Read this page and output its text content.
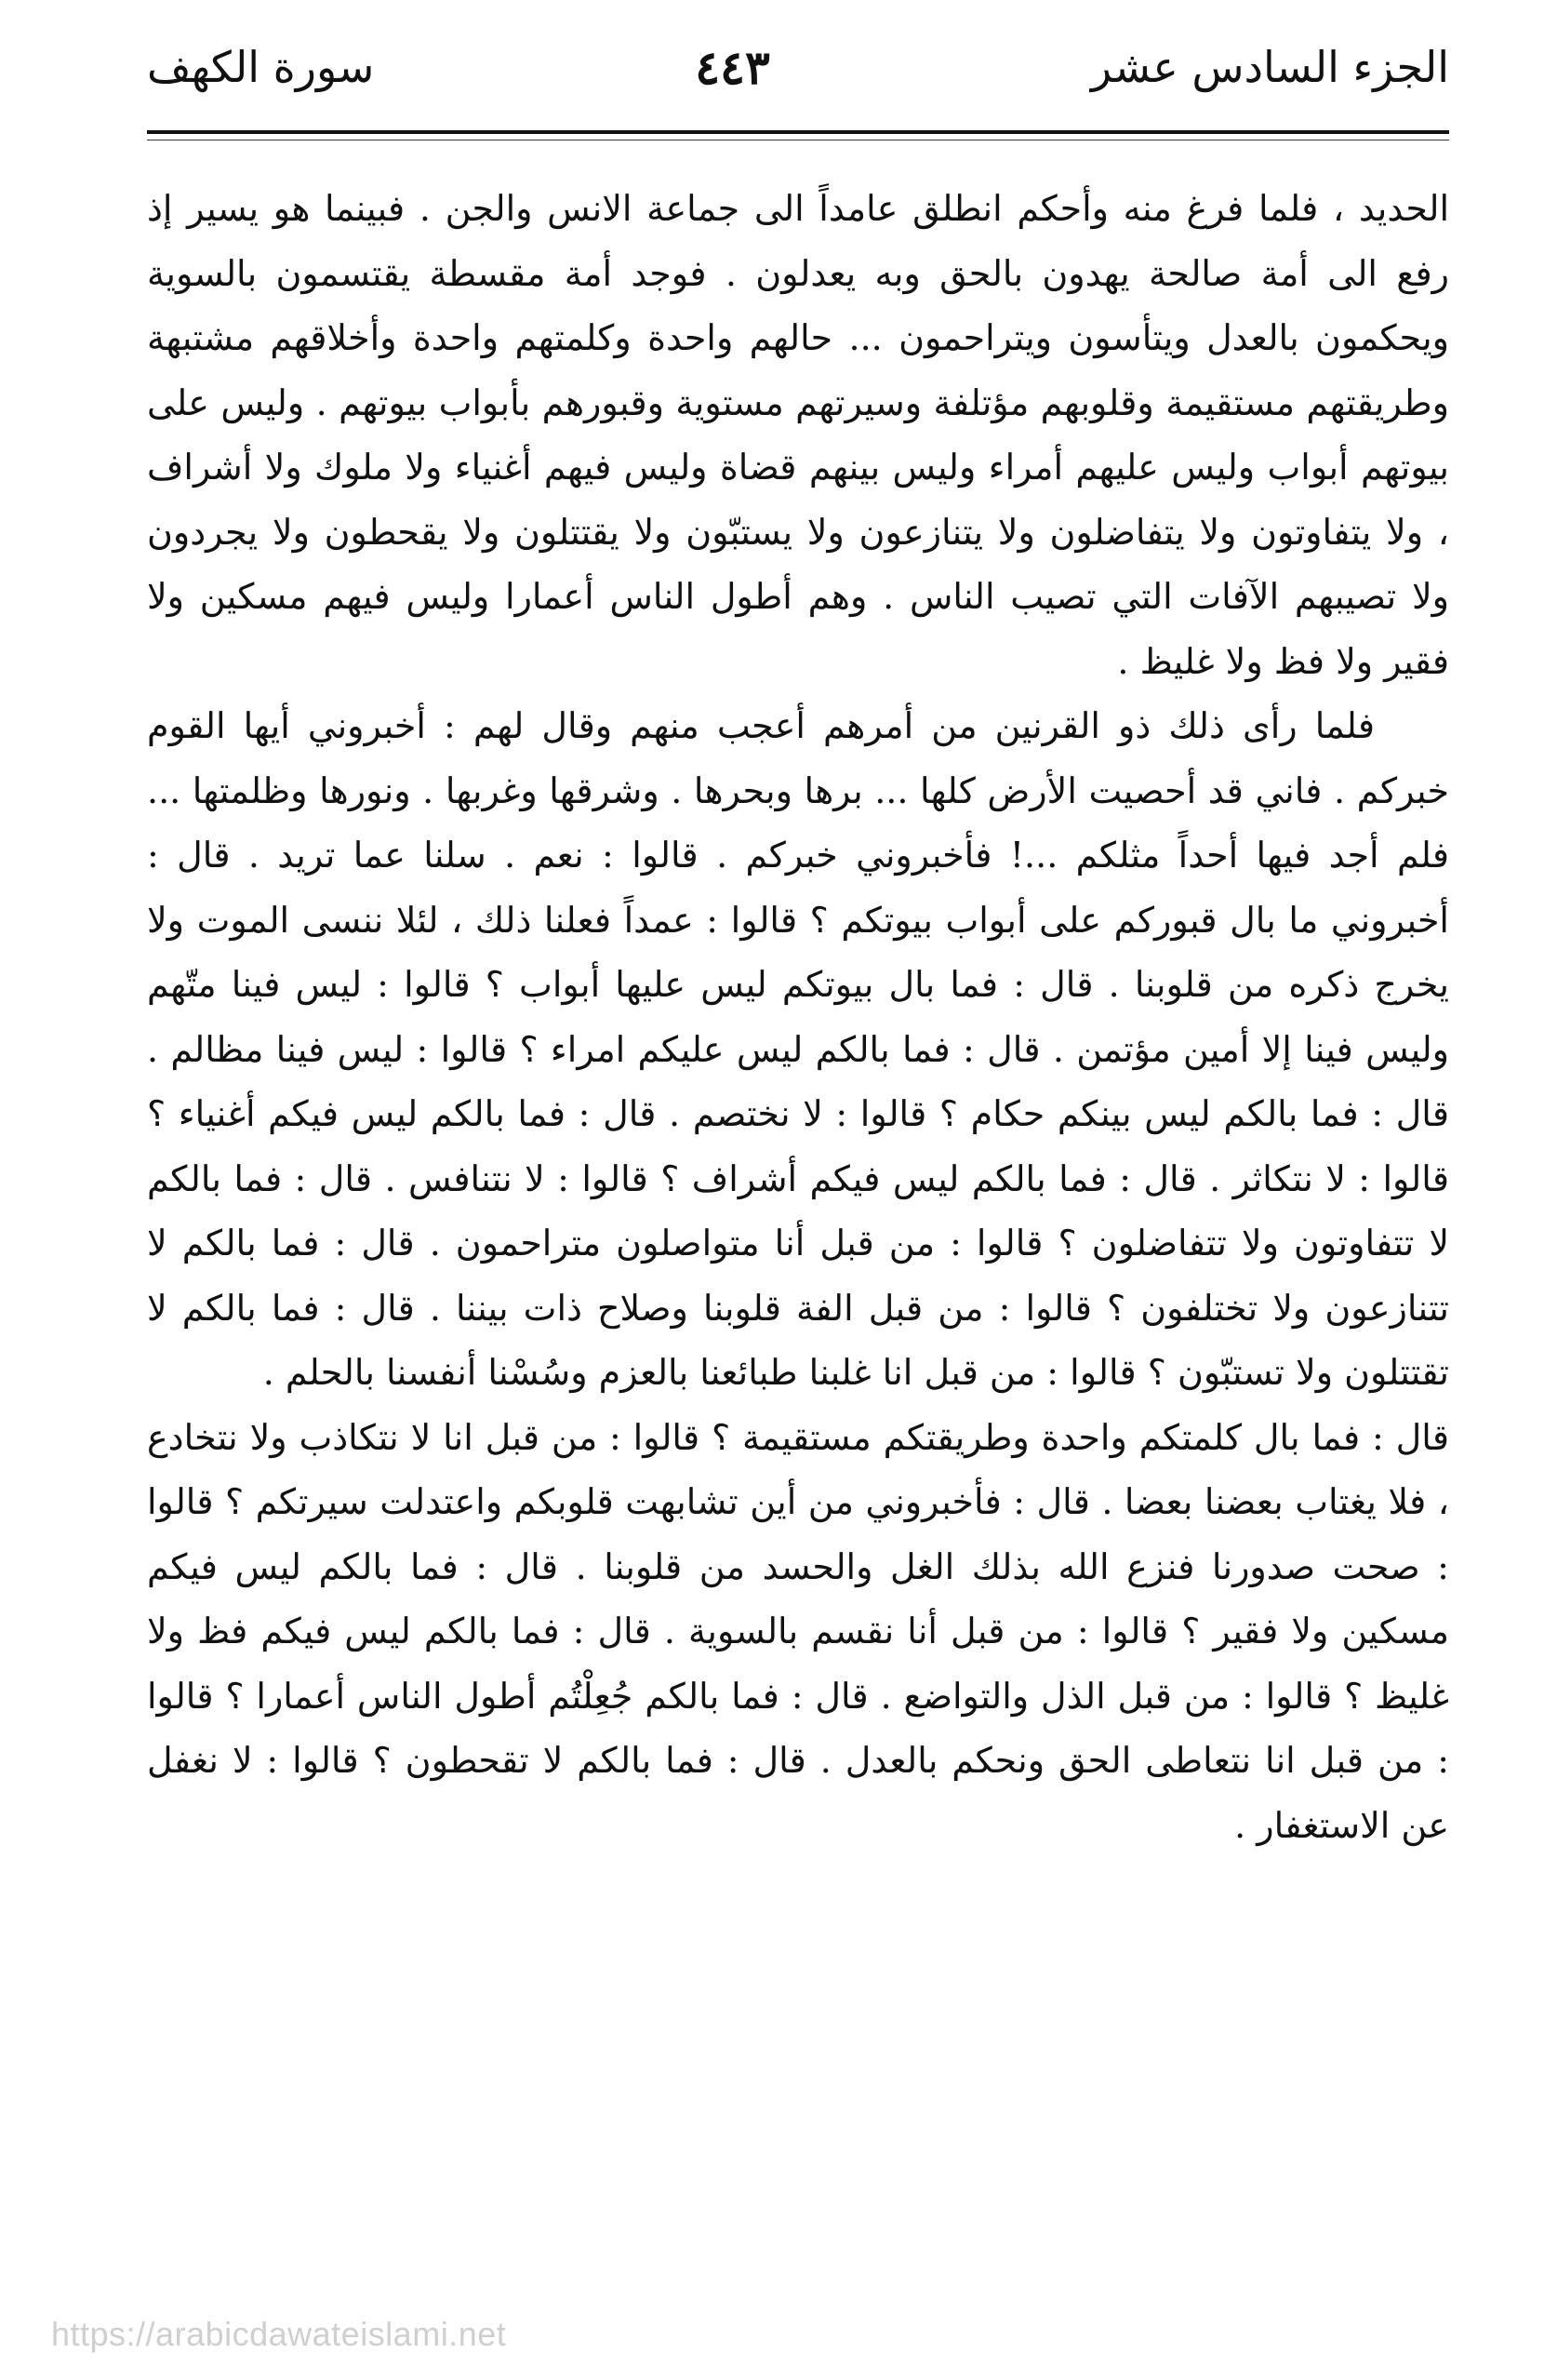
الجزء السادس عشر
٤٤٣
سورة الكهف

الحديد ، فلما فرغ منه وأحكم انطلق عامداً الى جماعة الانس والجن . فبينما هو يسير إذ رفع الى أمة صالحة يهدون بالحق وبه يعدلون . فوجد أمة مقسطة يقتسمون بالسوية ويحكمون بالعدل ويتأسون ويتراحمون ... حالهم واحدة وكلمتهم واحدة وأخلاقهم مشتبهة وطريقتهم مستقيمة وقلوبهم مؤتلفة وسيرتهم مستوية وقبورهم بأبواب بيوتهم . وليس على بيوتهم أبواب وليس عليهم أمراء وليس بينهم قضاة وليس فيهم أغنياء ولا ملوك ولا أشراف ، ولا يتفاوتون ولا يتفاضلون ولا يتنازعون ولا يستبّون ولا يقتتلون ولا يقحطون ولا يجردون ولا تصيبهم الآفات التي تصيب الناس . وهم أطول الناس أعمارا وليس فيهم مسكين ولا فقير ولا فظ ولا غليظ .

فلما رأى ذلك ذو القرنين من أمرهم أعجب منهم وقال لهم : أخبروني أيها القوم خبركم . فاني قد أحصيت الأرض كلها ... برها وبحرها . وشرقها وغربها . ونورها وظلمتها ... فلم أجد فيها أحداً مثلكم ...! فأخبروني خبركم . قالوا : نعم . سلنا عما تريد . قال : أخبروني ما بال قبوركم على أبواب بيوتكم ؟ قالوا : عمداً فعلنا ذلك ، لئلا ننسى الموت ولا يخرج ذكره من قلوبنا . قال : فما بال بيوتكم ليس عليها أبواب ؟ قالوا : ليس فينا متّهم وليس فينا إلا أمين مؤتمن . قال : فما بالكم ليس عليكم امراء ؟ قالوا : ليس فينا مظالم . قال : فما بالكم ليس بينكم حكام ؟ قالوا : لا نختصم . قال : فما بالكم ليس فيكم أغنياء ؟ قالوا : لا نتكاثر . قال : فما بالكم ليس فيكم أشراف ؟ قالوا : لا نتنافس . قال : فما بالكم لا تتفاوتون ولا تتفاضلون ؟ قالوا : من قبل أنا متواصلون متراحمون . قال : فما بالكم لا تتنازعون ولا تختلفون ؟ قالوا : من قبل الفة قلوبنا وصلاح ذات بيننا . قال : فما بالكم لا تقتتلون ولا تستبّون ؟ قالوا : من قبل انا غلبنا طبائعنا بالعزم وسُسْنا أنفسنا بالحلم .

قال : فما بال كلمتكم واحدة وطريقتكم مستقيمة ؟ قالوا : من قبل انا لا نتكاذب ولا نتخادع ، فلا يغتاب بعضنا بعضا . قال : فأخبروني من أين تشابهت قلوبكم واعتدلت سيرتكم ؟ قالوا : صحت صدورنا فنزع الله بذلك الغل والحسد من قلوبنا . قال : فما بالكم ليس فيكم مسكين ولا فقير ؟ قالوا : من قبل أنا نقسم بالسوية . قال : فما بالكم ليس فيكم فظ ولا غليظ ؟ قالوا : من قبل الذل والتواضع . قال : فما بالكم جُعِلْتُم أطول الناس أعمارا ؟ قالوا : من قبل انا نتعاطى الحق ونحكم بالعدل . قال : فما بالكم لا تقحطون ؟ قالوا : لا نغفل عن الاستغفار .

https://arabicdawateislami.net
